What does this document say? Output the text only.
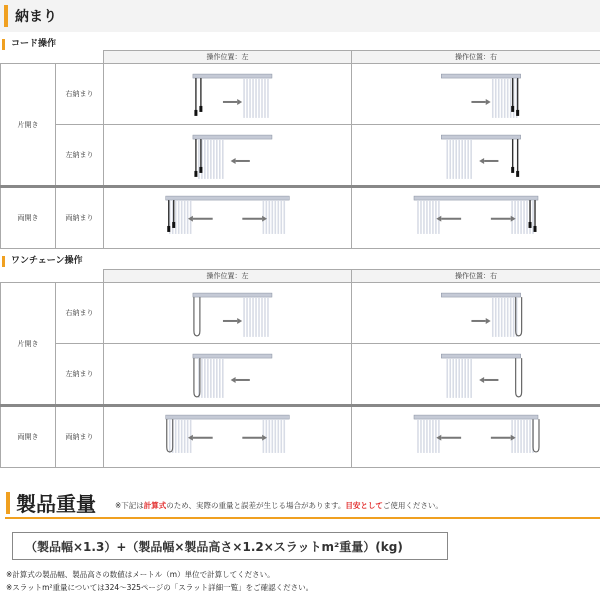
納まり
コード操作
		操作位置：左	操作位置：右
片開き	右納まり	

	左納まり	

両開き	両納まり	

ワンチェーン操作
		操作位置：左	操作位置：右
片開き	右納まり	

	左納まり	

両開き	両納まり	

製品重量	※下記は計算式のため、実際の重量と誤差が生じる場合があります。目安としてご使用ください。
（製品幅×1.3）+（製品幅×製品高さ×1.2×スラットm²重量）(kg)
※計算式の製品幅、製品高さの数値はメートル（m）単位で計算してください。
※スラットm²重量については324～325ページの「スラット詳細一覧」をご確認ください。
